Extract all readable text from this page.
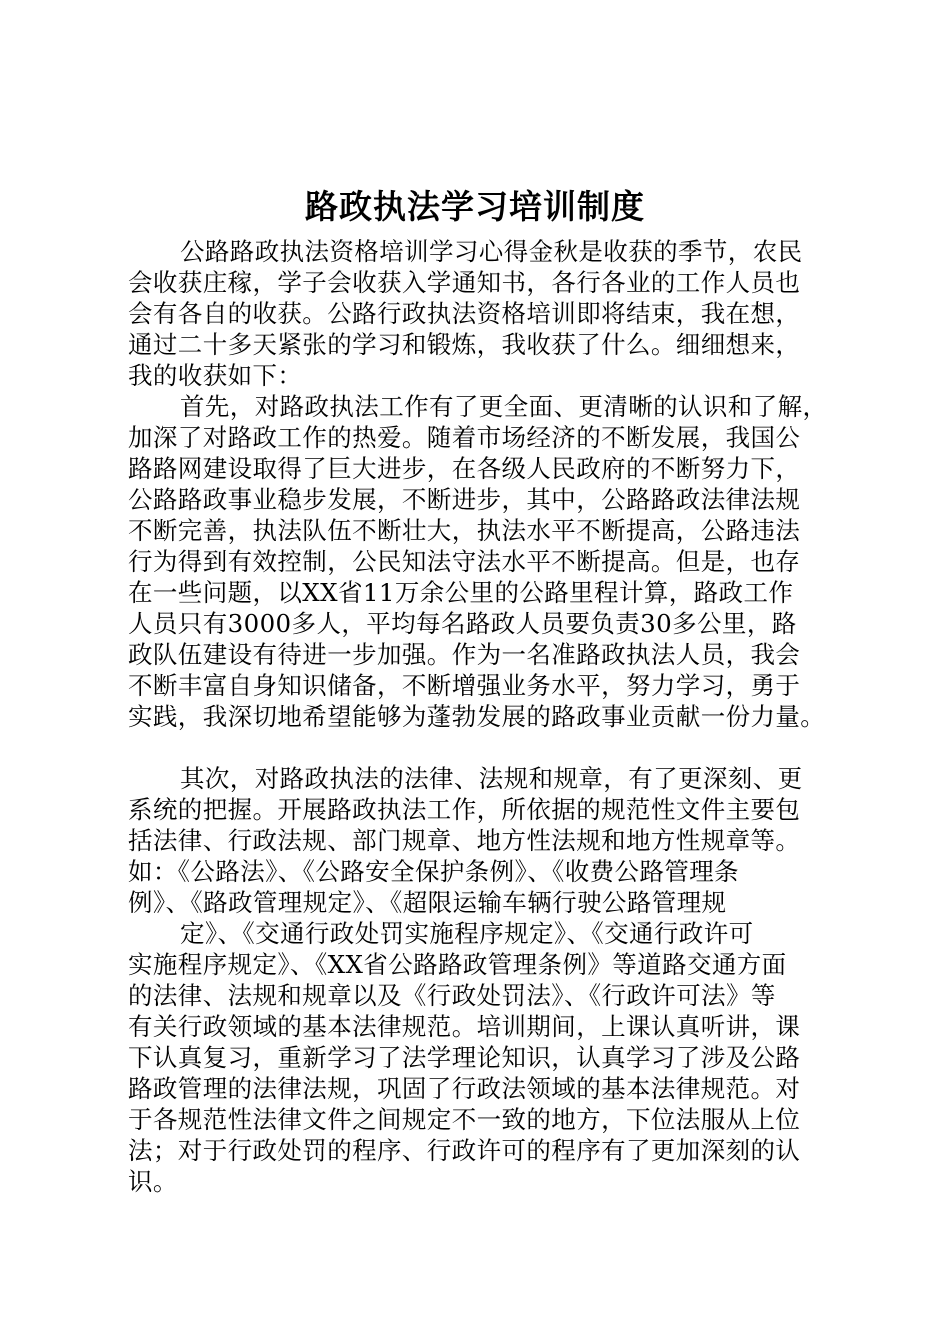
路政执法学习培训制度
公路路政执法资格培训学习心得金秋是收获的季节，农民
会收获庄稼，学子会收获入学通知书，各行各业的工作人员也
会有各自的收获。公路行政执法资格培训即将结束，我在想，
通过二十多天紧张的学习和锻炼，我收获了什么。细细想来，
我的收获如下：
首先，对路政执法工作有了更全面、更清晰的认识和了解，
加深了对路政工作的热爱。随着市场经济的不断发展，我国公
路路网建设取得了巨大进步，在各级人民政府的不断努力下，
公路路政事业稳步发展，不断进步，其中，公路路政法律法规
不断完善，执法队伍不断壮大，执法水平不断提高，公路违法
行为得到有效控制，公民知法守法水平不断提高。但是，也存
在一些问题，以XX省11万余公里的公路里程计算，路政工作
人员只有3000多人，平均每名路政人员要负责30多公里，路
政队伍建设有待进一步加强。作为一名准路政执法人员，我会
不断丰富自身知识储备，不断增强业务水平，努力学习，勇于
实践，我深切地希望能够为蓬勃发展的路政事业贡献一份力量。
其次，对路政执法的法律、法规和规章，有了更深刻、更
系统的把握。开展路政执法工作，所依据的规范性文件主要包
括法律、行政法规、部门规章、地方性法规和地方性规章等。
如：《公路法》、《公路安全保护条例》、《收费公路管理条
例》、《路政管理规定》、《超限运输车辆行驶公路管理规
定》、《交通行政处罚实施程序规定》、《交通行政许可
实施程序规定》、《XX省公路路政管理条例》等道路交通方面
的法律、法规和规章以及《行政处罚法》、《行政许可法》等
有关行政领域的基本法律规范。培训期间，上课认真听讲，课
下认真复习，重新学习了法学理论知识，认真学习了涉及公路
路政管理的法律法规，巩固了行政法领域的基本法律规范。对
于各规范性法律文件之间规定不一致的地方，下位法服从上位
法；对于行政处罚的程序、行政许可的程序有了更加深刻的认
识。
